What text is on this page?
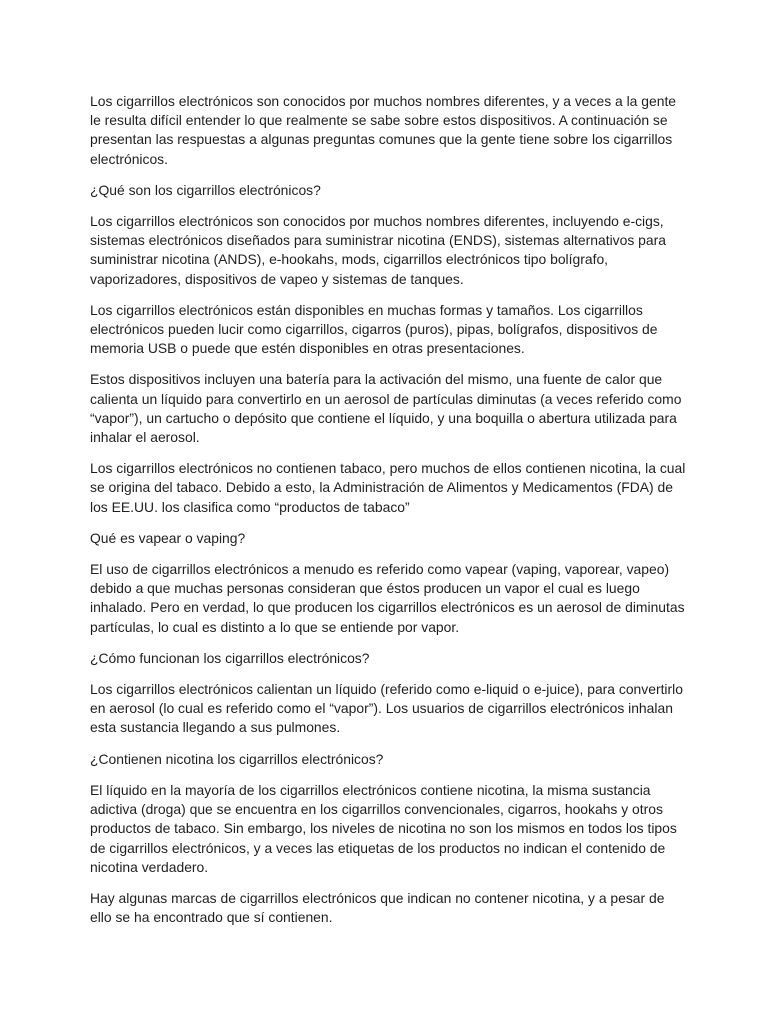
Los cigarrillos electrónicos son conocidos por muchos nombres diferentes, y a veces a la gente le resulta difícil entender lo que realmente se sabe sobre estos dispositivos. A continuación se presentan las respuestas a algunas preguntas comunes que la gente tiene sobre los cigarrillos electrónicos.

¿Qué son los cigarrillos electrónicos?

Los cigarrillos electrónicos son conocidos por muchos nombres diferentes, incluyendo e-cigs, sistemas electrónicos diseñados para suministrar nicotina (ENDS), sistemas alternativos para suministrar nicotina (ANDS), e-hookahs, mods, cigarrillos electrónicos tipo bolígrafo, vaporizadores, dispositivos de vapeo y sistemas de tanques.

Los cigarrillos electrónicos están disponibles en muchas formas y tamaños. Los cigarrillos electrónicos pueden lucir como cigarrillos, cigarros (puros), pipas, bolígrafos, dispositivos de memoria USB o puede que estén disponibles en otras presentaciones.

Estos dispositivos incluyen una batería para la activación del mismo, una fuente de calor que calienta un líquido para convertirlo en un aerosol de partículas diminutas (a veces referido como “vapor”), un cartucho o depósito que contiene el líquido, y una boquilla o abertura utilizada para inhalar el aerosol.

Los cigarrillos electrónicos no contienen tabaco, pero muchos de ellos contienen nicotina, la cual se origina del tabaco. Debido a esto, la Administración de Alimentos y Medicamentos (FDA) de los EE.UU. los clasifica como “productos de tabaco”

Qué es vapear o vaping?

El uso de cigarrillos electrónicos a menudo es referido como vapear (vaping, vaporear, vapeo) debido a que muchas personas consideran que éstos producen un vapor el cual es luego inhalado. Pero en verdad, lo que producen los cigarrillos electrónicos es un aerosol de diminutas partículas, lo cual es distinto a lo que se entiende por vapor.

¿Cómo funcionan los cigarrillos electrónicos?

Los cigarrillos electrónicos calientan un líquido (referido como e-liquid o e-juice), para convertirlo en aerosol (lo cual es referido como el “vapor”). Los usuarios de cigarrillos electrónicos inhalan esta sustancia llegando a sus pulmones.

¿Contienen nicotina los cigarrillos electrónicos?

El líquido en la mayoría de los cigarrillos electrónicos contiene nicotina, la misma sustancia adictiva (droga) que se encuentra en los cigarrillos convencionales, cigarros, hookahs y otros productos de tabaco. Sin embargo, los niveles de nicotina no son los mismos en todos los tipos de cigarrillos electrónicos, y a veces las etiquetas de los productos no indican el contenido de nicotina verdadero.

Hay algunas marcas de cigarrillos electrónicos que indican no contener nicotina, y a pesar de ello se ha encontrado que sí contienen.
